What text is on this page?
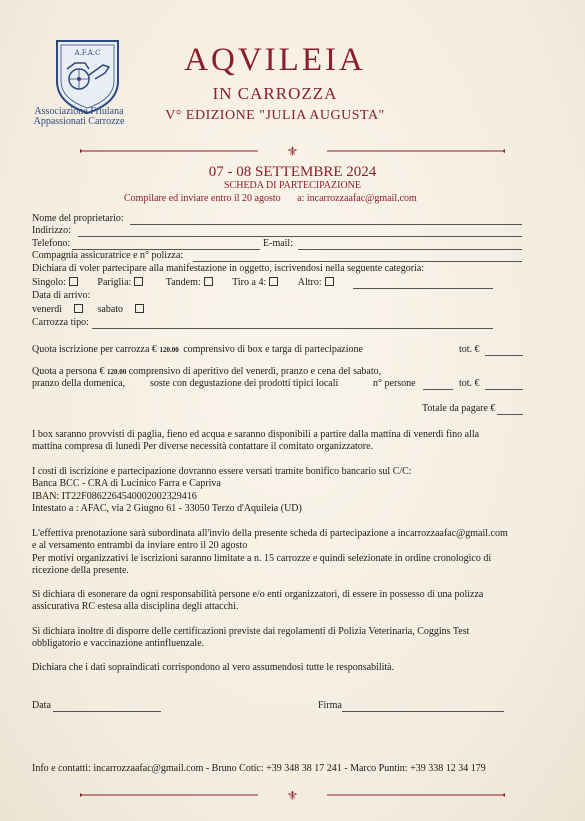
A.F.A.C
Associazione Friulana
Appassionati Carrozze
AQVILEIA
IN CARROZZA
V° EDIZIONE "JULIA AUGUSTA"
⚜
07 - 08 SETTEMBRE 2024
SCHEDA DI PARTECIPAZIONE
Compilare ed inviare entro il 20 agosto a: incarrozzaafac@gmail.com
Nome del proprietario:
Indirizzo:
Telefono:	E-mail:
Compagnia assicuratrice e n° polizza:
Dichiara di voler partecipare alla manifestazione in oggetto, iscrivendosi nella seguente categoria:
Singolo:	Pariglia:	Tandem:	Tiro a 4:	Altro:
Data di arrivo:
venerdì	sabato
Carrozza tipo:
Quota iscrizione per carrozza € 120.00 comprensivo di box e targa di partecipazione	tot. €
Quota a persona € 120.00 comprensivo di aperitivo del venerdì, pranzo e cena del sabato,
pranzo della domenica, soste con degustazione dei prodotti tipici locali	n° persone	tot. €
Totale da pagare €
I box saranno provvisti di paglia, fieno ed acqua e saranno disponibili a partire dalla mattina di venerdì fino alla
mattina compresa di lunedì Per diverse necessità contattare il comitato organizzatore.
I costi di iscrizione e partecipazione dovranno essere versati tramite bonifico bancario sul C/C:
Banca BCC - CRA di Lucinico Farra e Capriva
IBAN: IT22F0862264540002002329416
Intestato a : AFAC, via 2 Giugno 61 - 33050 Terzo d'Aquileia (UD)
L'effettiva prenotazione sarà subordinata all'invio della presente scheda di partecipazione a incarrozzaafac@gmail.com
e al versamento entrambi da inviare entro il 20 agosto
Per motivi organizzativi le iscrizioni saranno limitate a n. 15 carrozze e quindi selezionate in ordine cronologico di
ricezione della presente.
Si dichiara di esonerare da ogni responsabilità persone e/o enti organizzatori, di essere in possesso di una polizza
assicurativa RC estesa alla disciplina degli attacchi.
Si dichiara inoltre di disporre delle certificazioni previste dai regolamenti di Polizia Veterinaria, Coggins Test
obbligatorio e vaccinazione antinfluenzale.
Dichiara che i dati sopraindicati corrispondono al vero assumendosi tutte le responsabilità.
Data	Firma
Info e contatti: incarrozzaafac@gmail.com - Bruno Cotic: +39 348 38 17 241 - Marco Puntin: +39 338 12 34 179
⚜
